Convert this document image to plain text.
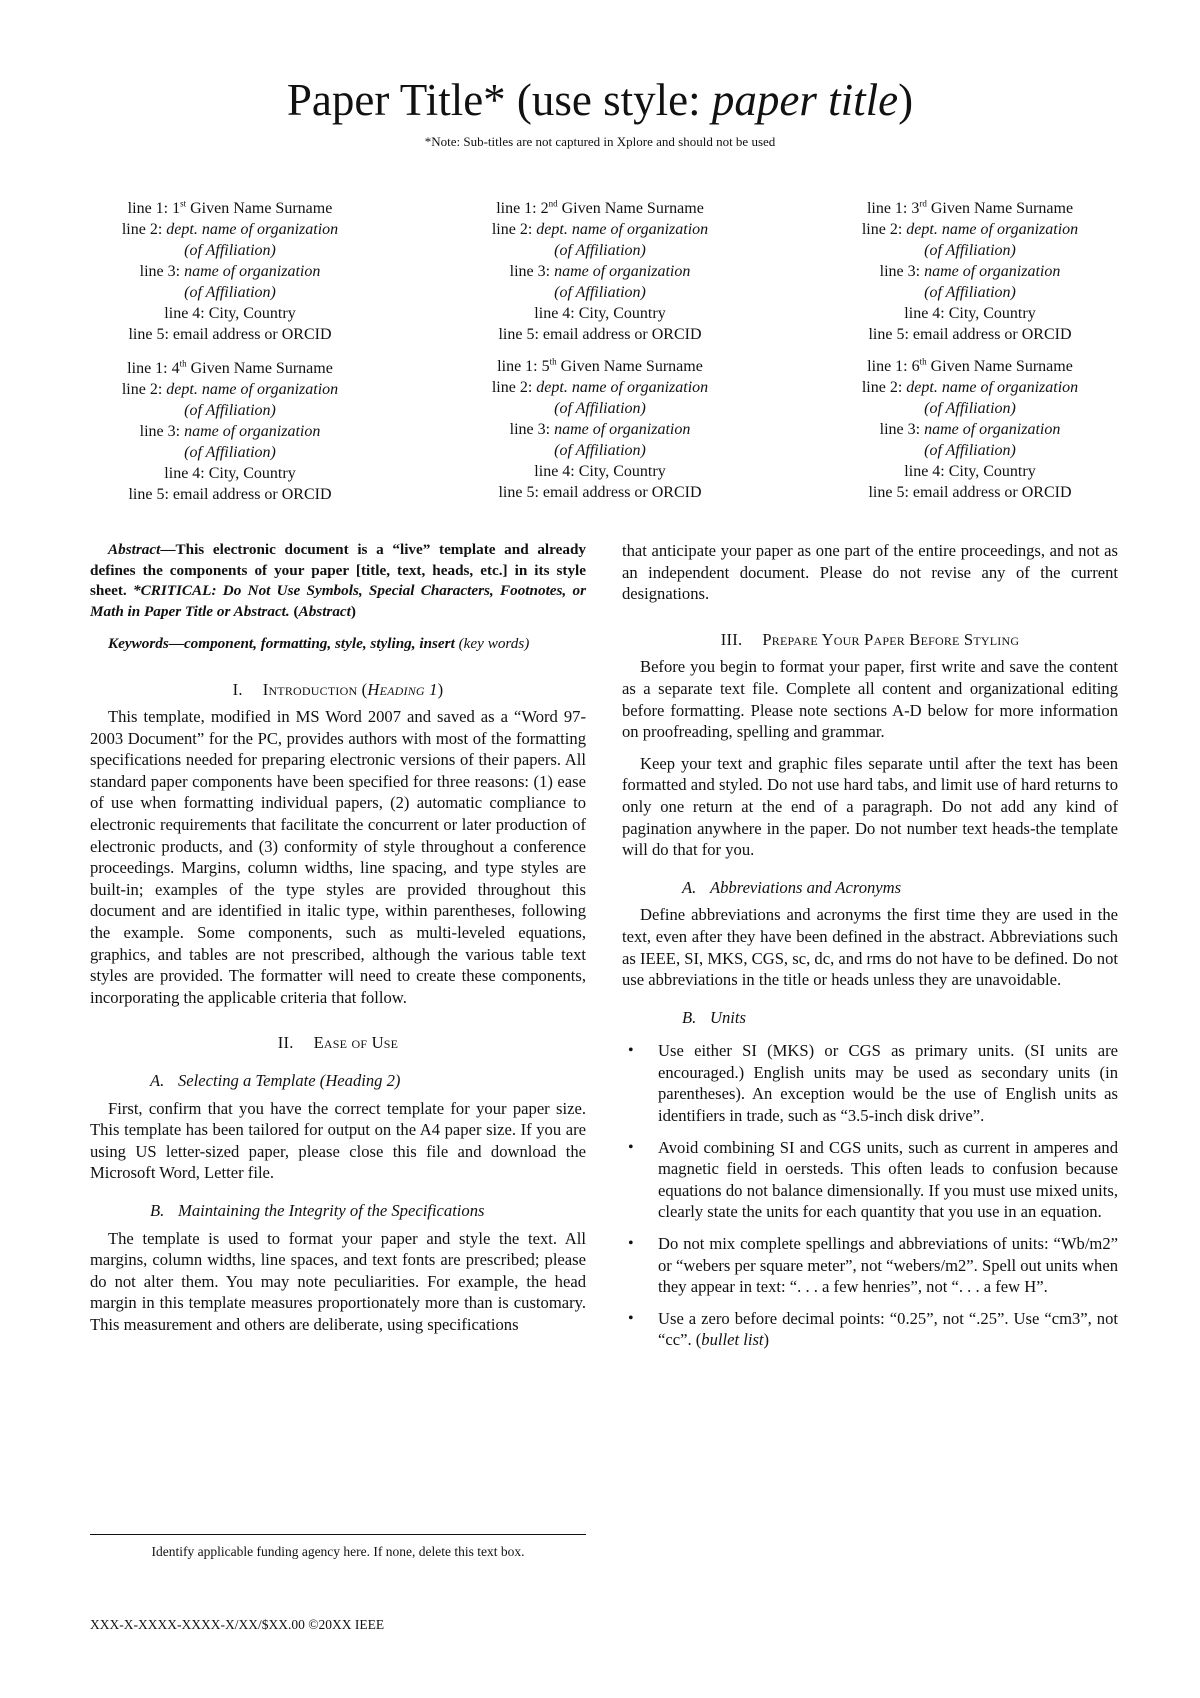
Paper Title* (use style: paper title)
*Note: Sub-titles are not captured in Xplore and should not be used
line 1: 1st Given Name Surname
line 2: dept. name of organization
(of Affiliation)
line 3: name of organization
(of Affiliation)
line 4: City, Country
line 5: email address or ORCID
line 1: 2nd Given Name Surname
line 2: dept. name of organization
(of Affiliation)
line 3: name of organization
(of Affiliation)
line 4: City, Country
line 5: email address or ORCID
line 1: 3rd Given Name Surname
line 2: dept. name of organization
(of Affiliation)
line 3: name of organization
(of Affiliation)
line 4: City, Country
line 5: email address or ORCID
line 1: 4th Given Name Surname
line 2: dept. name of organization
(of Affiliation)
line 3: name of organization
(of Affiliation)
line 4: City, Country
line 5: email address or ORCID
line 1: 5th Given Name Surname
line 2: dept. name of organization
(of Affiliation)
line 3: name of organization
(of Affiliation)
line 4: City, Country
line 5: email address or ORCID
line 1: 6th Given Name Surname
line 2: dept. name of organization
(of Affiliation)
line 3: name of organization
(of Affiliation)
line 4: City, Country
line 5: email address or ORCID

Abstract—This electronic document is a “live” template and already defines the components of your paper [title, text, heads, etc.] in its style sheet. *CRITICAL: Do Not Use Symbols, Special Characters, Footnotes, or Math in Paper Title or Abstract. (Abstract)

Keywords—component, formatting, style, styling, insert (key words)

I. Introduction (Heading 1)

This template, modified in MS Word 2007 and saved as a “Word 97-2003 Document” for the PC, provides authors with most of the formatting specifications needed for preparing electronic versions of their papers. All standard paper components have been specified for three reasons: (1) ease of use when formatting individual papers, (2) automatic compliance to electronic requirements that facilitate the concurrent or later production of electronic products, and (3) conformity of style throughout a conference proceedings. Margins, column widths, line spacing, and type styles are built-in; examples of the type styles are provided throughout this document and are identified in italic type, within parentheses, following the example. Some components, such as multi-leveled equations, graphics, and tables are not prescribed, although the various table text styles are provided. The formatter will need to create these components, incorporating the applicable criteria that follow.

II. Ease of Use

A. Selecting a Template (Heading 2)

First, confirm that you have the correct template for your paper size. This template has been tailored for output on the A4 paper size. If you are using US letter-sized paper, please close this file and download the Microsoft Word, Letter file.

B. Maintaining the Integrity of the Specifications

The template is used to format your paper and style the text. All margins, column widths, line spaces, and text fonts are prescribed; please do not alter them. You may note peculiarities. For example, the head margin in this template measures proportionately more than is customary. This measurement and others are deliberate, using specifications

that anticipate your paper as one part of the entire proceedings, and not as an independent document. Please do not revise any of the current designations.

III. Prepare Your Paper Before Styling

Before you begin to format your paper, first write and save the content as a separate text file. Complete all content and organizational editing before formatting. Please note sections A-D below for more information on proofreading, spelling and grammar.

Keep your text and graphic files separate until after the text has been formatted and styled. Do not use hard tabs, and limit use of hard returns to only one return at the end of a paragraph. Do not add any kind of pagination anywhere in the paper. Do not number text heads-the template will do that for you.

A. Abbreviations and Acronyms

Define abbreviations and acronyms the first time they are used in the text, even after they have been defined in the abstract. Abbreviations such as IEEE, SI, MKS, CGS, sc, dc, and rms do not have to be defined. Do not use abbreviations in the title or heads unless they are unavoidable.

B. Units

• Use either SI (MKS) or CGS as primary units. (SI units are encouraged.) English units may be used as secondary units (in parentheses). An exception would be the use of English units as identifiers in trade, such as “3.5-inch disk drive”.
• Avoid combining SI and CGS units, such as current in amperes and magnetic field in oersteds. This often leads to confusion because equations do not balance dimensionally. If you must use mixed units, clearly state the units for each quantity that you use in an equation.
• Do not mix complete spellings and abbreviations of units: “Wb/m2” or “webers per square meter”, not “webers/m2”. Spell out units when they appear in text: “. . . a few henries”, not “. . . a few H”.
• Use a zero before decimal points: “0.25”, not “.25”. Use “cm3”, not “cc”. (bullet list)
Identify applicable funding agency here. If none, delete this text box.
XXX-X-XXXX-XXXX-X/XX/$XX.00 ©20XX IEEE
